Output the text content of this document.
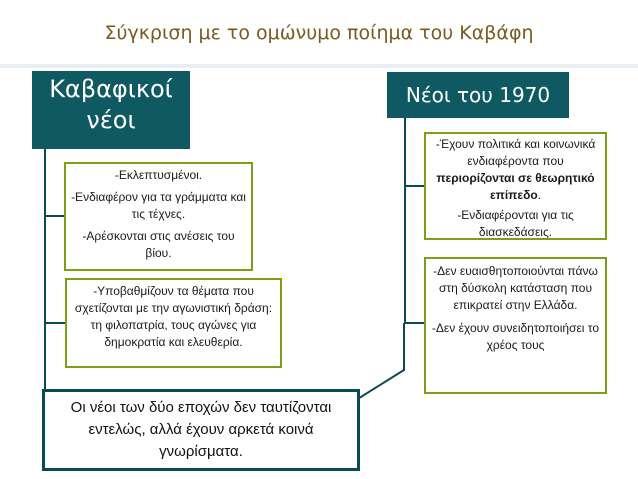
Σύγκριση με το ομώνυμο ποίημα του Καβάφη
Καβαφικοί
νέοι

-Εκλεπτυσμένοι.

-Ενδιαφέρον για τα γράμματα και τις τέχνες.

-Αρέσκονται στις ανέσεις του βίου.

-Υποβαθμίζουν τα θέματα που σχετίζονται με την αγωνιστική δράση: τη φιλοπατρία, τους αγώνες για δημοκρατία και ελευθερία.

Νέοι του 1970

-Έχουν πολιτικά και κοινωνικά ενδιαφέροντα που περιορίζονται σε θεωρητικό επίπεδο.

-Ενδιαφέρονται για τις διασκεδάσεις.

-Δεν ευαισθητοποιούνται πάνω στη δύσκολη κατάσταση που επικρατεί στην Ελλάδα.

-Δεν έχουν συνειδητοποιήσει το χρέος τους

Οι νέοι των δύο εποχών δεν ταυτίζονται εντελώς, αλλά έχουν αρκετά κοινά γνωρίσματα.
